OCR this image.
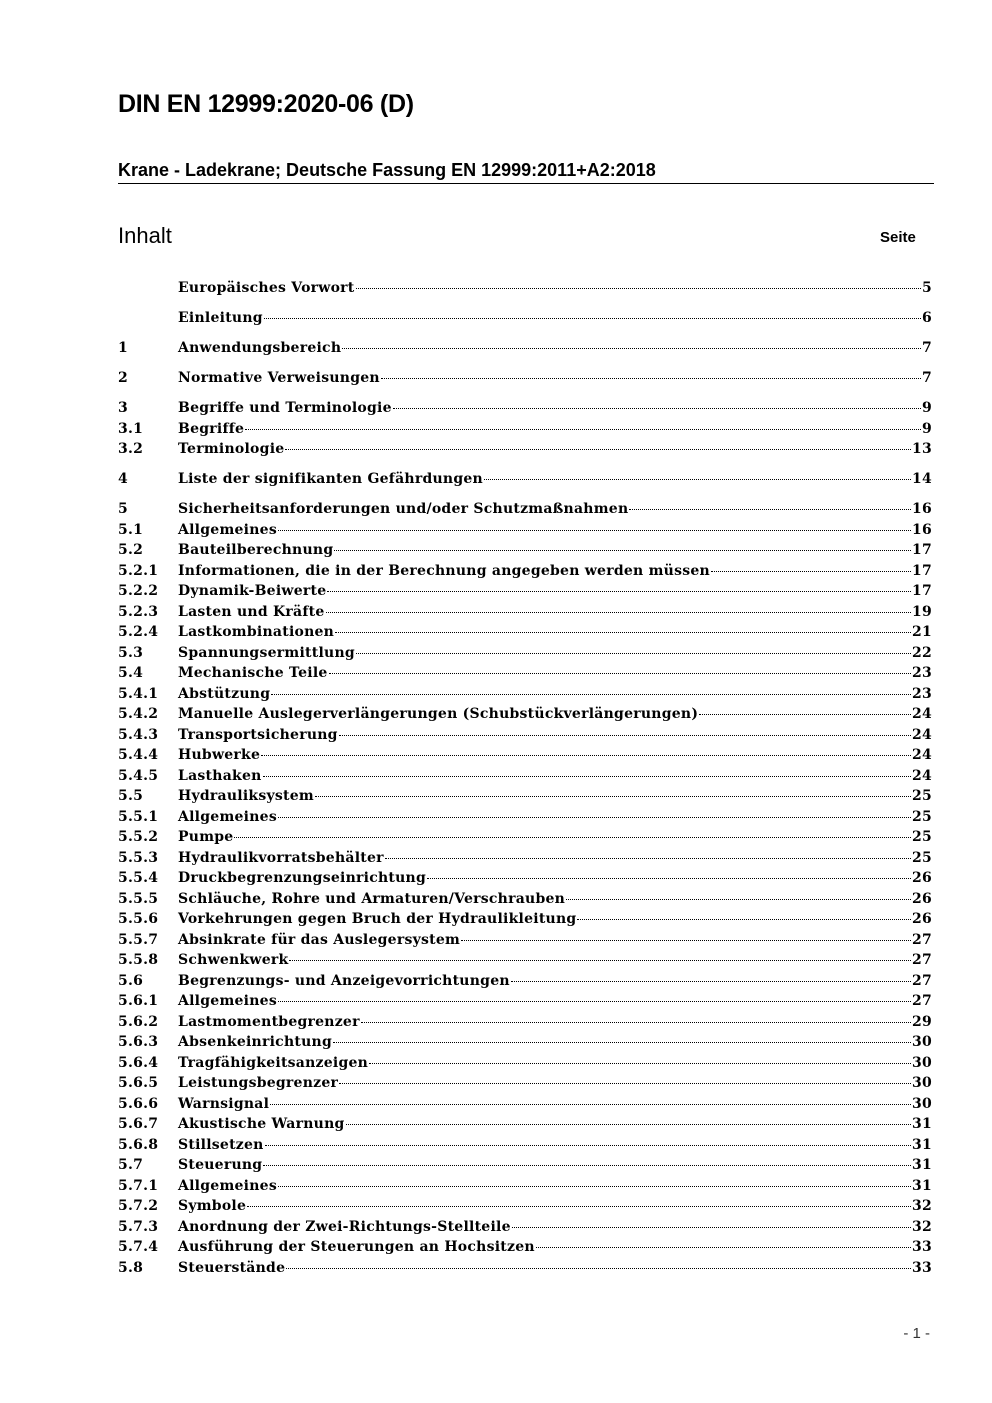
DIN EN 12999:2020-06 (D)
Krane - Ladekrane; Deutsche Fassung EN 12999:2011+A2:2018
Inhalt	Seite
Europäisches Vorwort	5
Einleitung	6
1	Anwendungsbereich	7
2	Normative Verweisungen	7
3	Begriffe und Terminologie	9
3.1	Begriffe	9
3.2	Terminologie	13
4	Liste der signifikanten Gefährdungen	14
5	Sicherheitsanforderungen und/oder Schutzmaßnahmen	16
5.1	Allgemeines	16
5.2	Bauteilberechnung	17
5.2.1	Informationen, die in der Berechnung angegeben werden müssen	17
5.2.2	Dynamik-Beiwerte	17
5.2.3	Lasten und Kräfte	19
5.2.4	Lastkombinationen	21
5.3	Spannungsermittlung	22
5.4	Mechanische Teile	23
5.4.1	Abstützung	23
5.4.2	Manuelle Auslegerverlängerungen (Schubstückverlängerungen)	24
5.4.3	Transportsicherung	24
5.4.4	Hubwerke	24
5.4.5	Lasthaken	24
5.5	Hydrauliksystem	25
5.5.1	Allgemeines	25
5.5.2	Pumpe	25
5.5.3	Hydraulikvorratsbehälter	25
5.5.4	Druckbegrenzungseinrichtung	26
5.5.5	Schläuche, Rohre und Armaturen/Verschrauben	26
5.5.6	Vorkehrungen gegen Bruch der Hydraulikleitung	26
5.5.7	Absinkrate für das Auslegersystem	27
5.5.8	Schwenkwerk	27
5.6	Begrenzungs- und Anzeigevorrichtungen	27
5.6.1	Allgemeines	27
5.6.2	Lastmomentbegrenzer	29
5.6.3	Absenkeinrichtung	30
5.6.4	Tragfähigkeitsanzeigen	30
5.6.5	Leistungsbegrenzer	30
5.6.6	Warnsignal	30
5.6.7	Akustische Warnung	31
5.6.8	Stillsetzen	31
5.7	Steuerung	31
5.7.1	Allgemeines	31
5.7.2	Symbole	32
5.7.3	Anordnung der Zwei-Richtungs-Stellteile	32
5.7.4	Ausführung der Steuerungen an Hochsitzen	33
5.8	Steuerstände	33
- 1 -
